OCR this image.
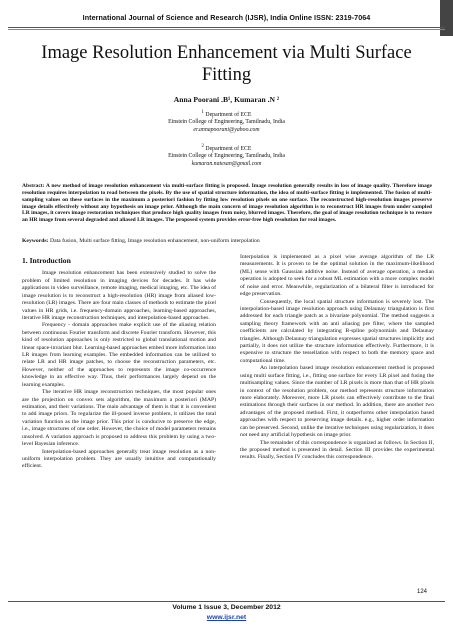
International Journal of Science and Research (IJSR), India Online ISSN: 2319-7064
Image Resolution Enhancement via Multi Surface Fitting
Anna Poorani .B¹, Kumaran .N ²
$^1$ Department of ECE
Einstein College of Engineering, Tamilnadu, India
er.annapoorani@yahoo.com
$^2$ Department of ECE
Einstein College of Engineering, Tamilnadu, India
kumaran.natesan@gmail.com
Abstract: A new method of image resolution enhancement via multi-surface fitting is proposed. Image resolution generally results in loss of image quality. Therefore image resolution requires interpolation to read between the pixels. By the use of spatial structure information, the idea of multi-surface fitting is implemented. The fusion of multi-sampling values on these surfaces in the maximum a posteriori fashion by fitting low resolution pixels on one surface. The reconstructed high-resolution images preserve image details effectively without any hypothesis on image prior. Although the main concern of image resolution algorithm is to reconstruct HR images from under sampled LR images, it covers image restoration techniques that produce high quality images from noisy, blurred images. Therefore, the goal of image resolution technique is to restore an HR image from several degraded and aliased LR images. The proposed system provides error-free high resolution for real images.
Keywords: Data fusion, Multi surface fitting, Image resolution enhancement, non-uniform interpolation
1. Introduction

Image resolution enhancement has been extensively studied to solve the problem of limited resolution in imaging devices for decades. It has wide applications in video surveillance, remote imaging, medical imaging, etc. The idea of image resolution is to reconstruct a high-resolution (HR) image from aliased low-resolution (LR) images. There are four main classes of methods to estimate the pixel values in HR grids, i.e. frequency-domain approaches, learning-based approaches, iterative HR image reconstruction techniques, and interpolation-based approaches.

Frequency - domain approaches make explicit use of the aliasing relation between continuous Fourier transform and discrete Fourier transform. However, this kind of resolution approaches is only restricted to global translational motion and linear space-invariant blur. Learning-based approaches embed more information into LR images from learning examples. The embedded information can be utilized to relate LR and HR image patches, to choose the reconstruction parameters, etc. However, neither of the approaches to represents the image co-occurrence knowledge in an effective way. Thus, their performances largely depend on the learning examples.

The iterative HR image reconstruction techniques, the most popular ones are the projection on convex sets algorithm, the maximum a posteriori (MAP) estimation, and their variations. The main advantage of them is that it is convenient to add image priors. To regularize the ill-posed inverse problem, it utilizes the total variation function as the image prior. This prior is conducive to preserve the edge, i.e., image structures of one order. However, the choice of model parameters remains unsolved. A variation approach is proposed to address this problem by using a two-level Bayesian inference.

Interpolation-based approaches generally treat image resolution as a non-uniform interpolation problem. They are usually intuitive and computationally efficient.

Interpolation is implemented as a pixel wise average algorithm of the LR measurements. It is proven to be the optimal solution in the maximum-likelihood (ML) sense with Gaussian additive noise. Instead of average operation, a median operation is adopted to seek for a robust ML estimation with a more complex model of noise and error. Meanwhile, regularization of a bilateral filter is introduced for edge preservation.

Consequently, the local spatial structure information is severely lost. The interpolation-based image resolution approach using Delaunay triangulation is first addressed for each triangle patch as a bivariate polynomial. The method suggests a sampling theory framework with an anti aliasing pre filter, where the sampled coefficients are calculated by integrating B-spline polynomials and Delaunay triangles. Although Delaunay triangulation expresses spatial structures implicitly and partially, it does not utilize the structure information effectively. Furthermore, it is expensive to structure the tessellation with respect to both the memory space and computational time.

An interpolation based image resolution enhancement method is proposed using multi surface fitting, i.e., fitting one surface for every LR pixel and fusing the multisampling values. Since the number of LR pixels is more than that of HR pixels in context of the resolution problem, our method represents structure information more elaborately. Moreover, more LR pixels can effectively contribute to the final estimations through their surfaces in our method. In addition, there are another two advantages of the proposed method. First, it outperforms other interpolation based approaches with respect to preserving image details. e.g., higher order information can be preserved. Second, unlike the iterative techniques using regularization, it does not need any artificial hypothesis on image prior.

The remainder of this correspondence is organized as follows. In Section II, the proposed method is presented in detail. Section III provides the experimental results. Finally, Section IV concludes this correspondence.

124
Volume 1 Issue 3, December 2012
www.ijsr.net
